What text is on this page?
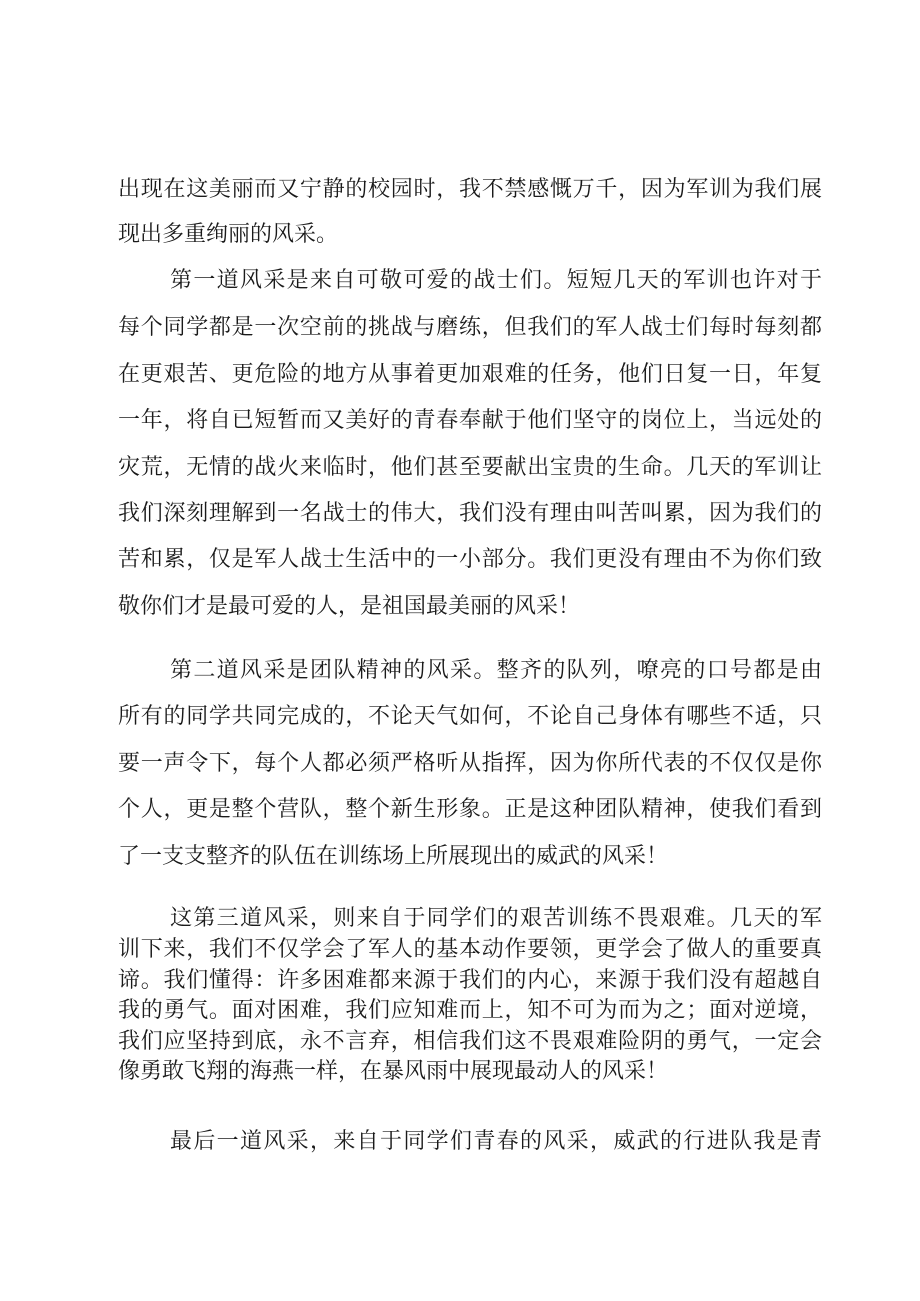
出现在这美丽而又宁静的校园时，我不禁感慨万千，因为军训为我们展
现出多重绚丽的风采。
第一道风采是来自可敬可爱的战士们。短短几天的军训也许对于
每个同学都是一次空前的挑战与磨练，但我们的军人战士们每时每刻都
在更艰苦、更危险的地方从事着更加艰难的任务，他们日复一日，年复
一年，将自已短暂而又美好的青春奉献于他们坚守的岗位上，当远处的
灾荒，无情的战火来临时，他们甚至要献出宝贵的生命。几天的军训让
我们深刻理解到一名战士的伟大，我们没有理由叫苦叫累，因为我们的
苦和累，仅是军人战士生活中的一小部分。我们更没有理由不为你们致
敬你们才是最可爱的人，是祖国最美丽的风采！
第二道风采是团队精神的风采。整齐的队列，嘹亮的口号都是由
所有的同学共同完成的，不论天气如何，不论自己身体有哪些不适，只
要一声令下，每个人都必须严格听从指挥，因为你所代表的不仅仅是你
个人，更是整个营队，整个新生形象。正是这种团队精神，使我们看到
了一支支整齐的队伍在训练场上所展现出的威武的风采！
这第三道风采，则来自于同学们的艰苦训练不畏艰难。几天的军
训下来，我们不仅学会了军人的基本动作要领，更学会了做人的重要真
谛。我们懂得：许多困难都来源于我们的内心，来源于我们没有超越自
我的勇气。面对困难，我们应知难而上，知不可为而为之；面对逆境，
我们应坚持到底，永不言弃，相信我们这不畏艰难险阴的勇气，一定会
像勇敢飞翔的海燕一样，在暴风雨中展现最动人的风采！
最后一道风采，来自于同学们青春的风采，威武的行进队我是青
